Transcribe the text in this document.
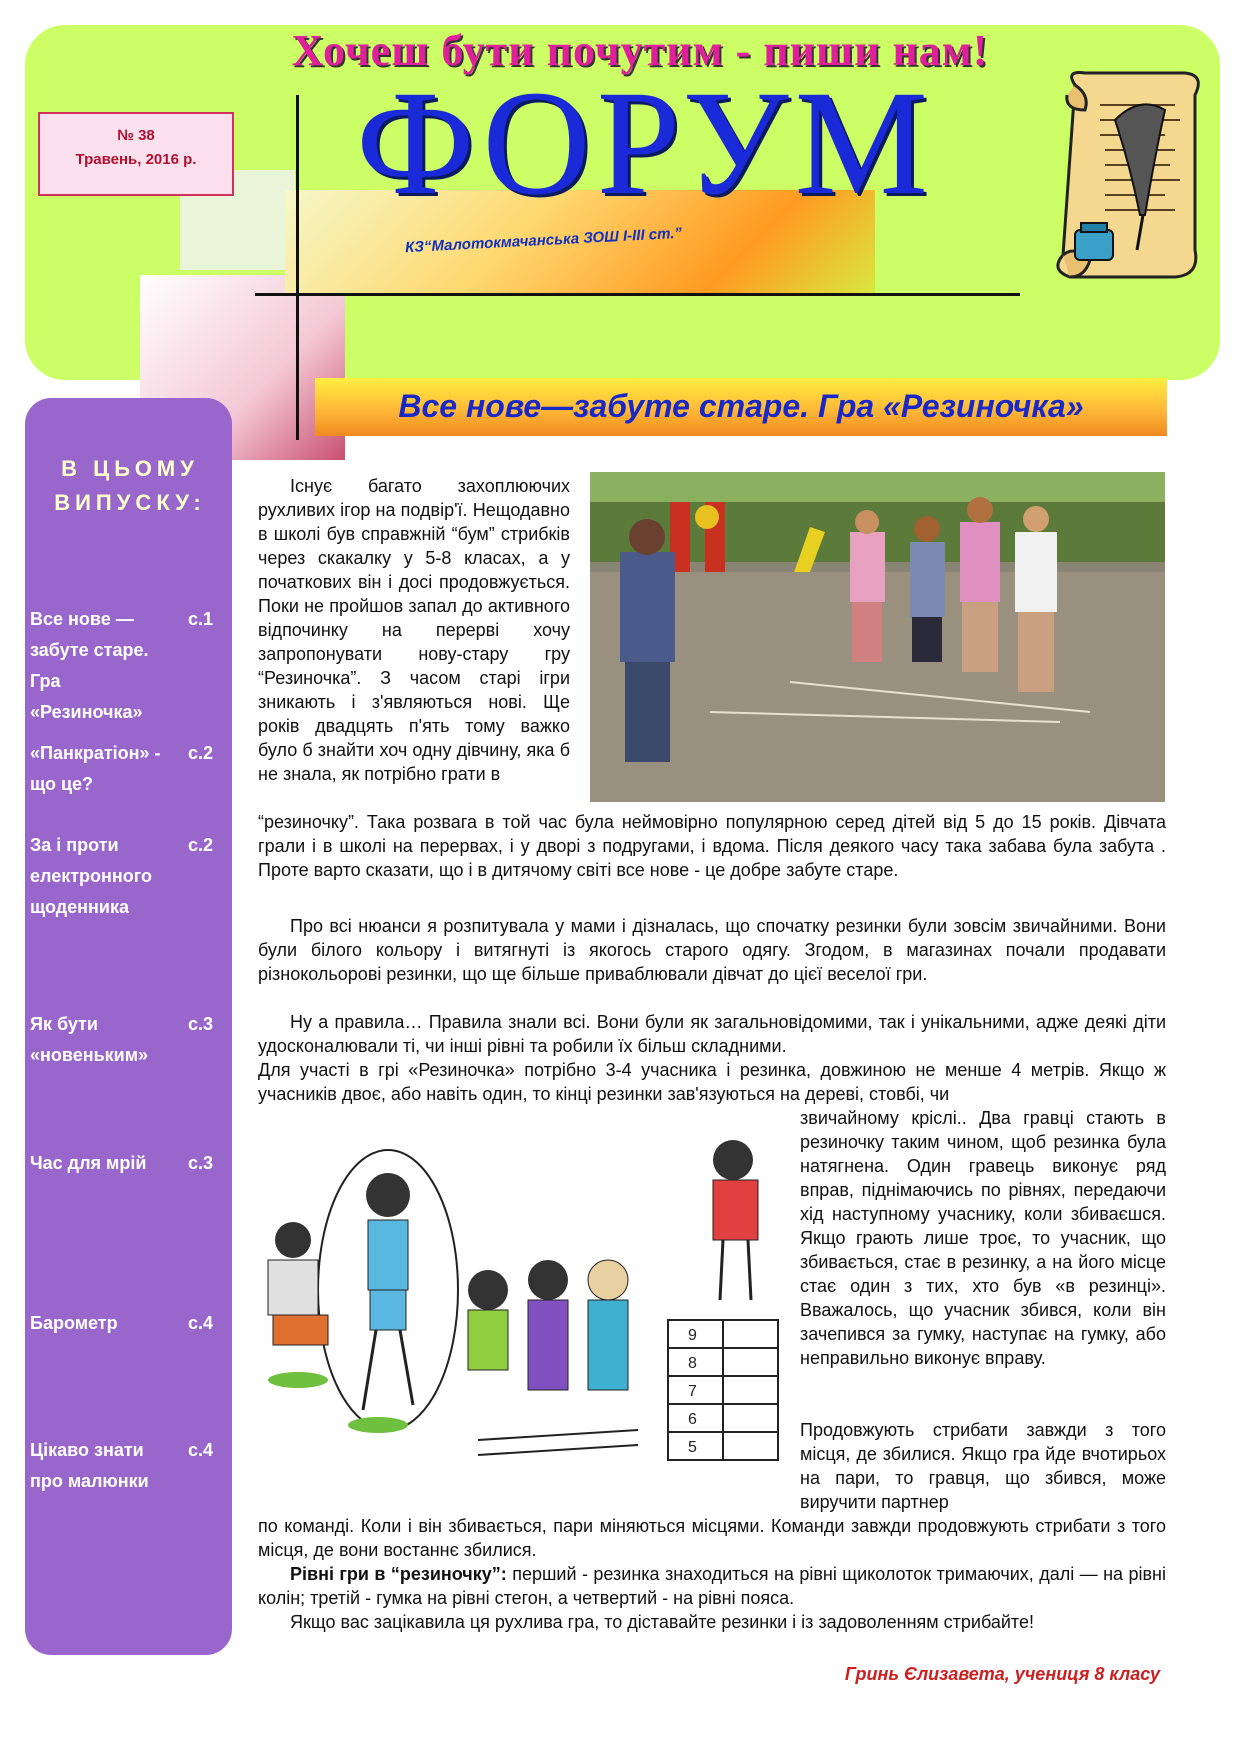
Хочеш бути почутим - пиши нам!
ФОРУМ
КЗ“Малотокмачанська ЗОШ І-ІІІ ст.”
№ 38
Травень, 2016 р.
В ЦЬОМУ
ВИПУСКУ:
Все нове — забуте старе. Гра «Резиночка»
с.1
«Панкратіон» - що це?
с.2
За і проти електронного щоденника
с.2
Як бути «новеньким»
с.3
Час для мрій	с.3
Барометр	с.4
Цікаво знати про малюнки
с.4
Все нове—забуте старе. Гра «Резиночка»
9
8
7
6
5
Існує багато захоплюючих рухливих ігор на подвір'ї. Нещодавно в школі був справжній “бум” стрибків через скакалку у 5-8 класах, а у початкових він і досі продовжується. Поки не пройшов запал до активного відпочинку на перерві хочу запропонувати нову-стару гру “Резиночка”. З часом старі ігри зникають і з'являються нові. Ще років двадцять п'ять тому важко було б знайти хоч одну дівчину, яка б не знала, як потрібно грати в
“резиночку”. Така розвага в той час була неймовірно популярною серед дітей від 5 до 15 років. Дівчата грали і в школі на перервах, і у дворі з подругами, і вдома. Після деякого часу така забава була забута . Проте варто сказати, що і в дитячому світі все нове - це добре забуте старе.
Про всі нюанси я розпитувала у мами і дізналась, що спочатку резинки були зовсім звичайними. Вони були білого кольору і витягнуті із якогось старого одягу. Згодом, в магазинах почали продавати різнокольорові резинки, що ще більше приваблювали дівчат до цієї веселої гри.
Ну а правила… Правила знали всі. Вони були як загальновідомими, так і унікальними, адже деякі діти удосконалювали ті, чи інші рівні та робили їх більш складними.
Для участі в грі «Резиночка» потрібно 3-4 учасника і резинка, довжиною не менше 4 метрів. Якщо ж учасників двоє, або навіть один, то кінці резинки зав'язуються на дереві, стовбі, чи
звичайному кріслі.. Два гравці стають в резиночку таким чином, щоб резинка була натягнена. Один гравець виконує ряд вправ, піднімаючись по рівнях, передаючи хід наступному учаснику, коли збиваєшся. Якщо грають лише троє, то учасник, що збивається, стає в резинку, а на його місце стає один з тих, хто був «в резинці». Вважалось, що учасник збився, коли він зачепився за гумку, наступає на гумку, або неправильно виконує вправу.
Продовжують стрибати завжди з того місця, де збилися. Якщо гра йде вчотирьох на пари, то гравця, що збився, може виручити партнер
по команді. Коли і він збивається, пари міняються місцями. Команди завжди продовжують стрибати з того місця, де вони востаннє збилися.
Рівні гри в “резиночку”: перший - резинка знаходиться на рівні щиколоток тримаючих, далі — на рівні колін; третій - гумка на рівні стегон, а четвертий - на рівні пояса.
Якщо вас зацікавила ця рухлива гра, то діставайте резинки і із задоволенням стрибайте!
Гринь Єлизавета, учениця 8 класу
